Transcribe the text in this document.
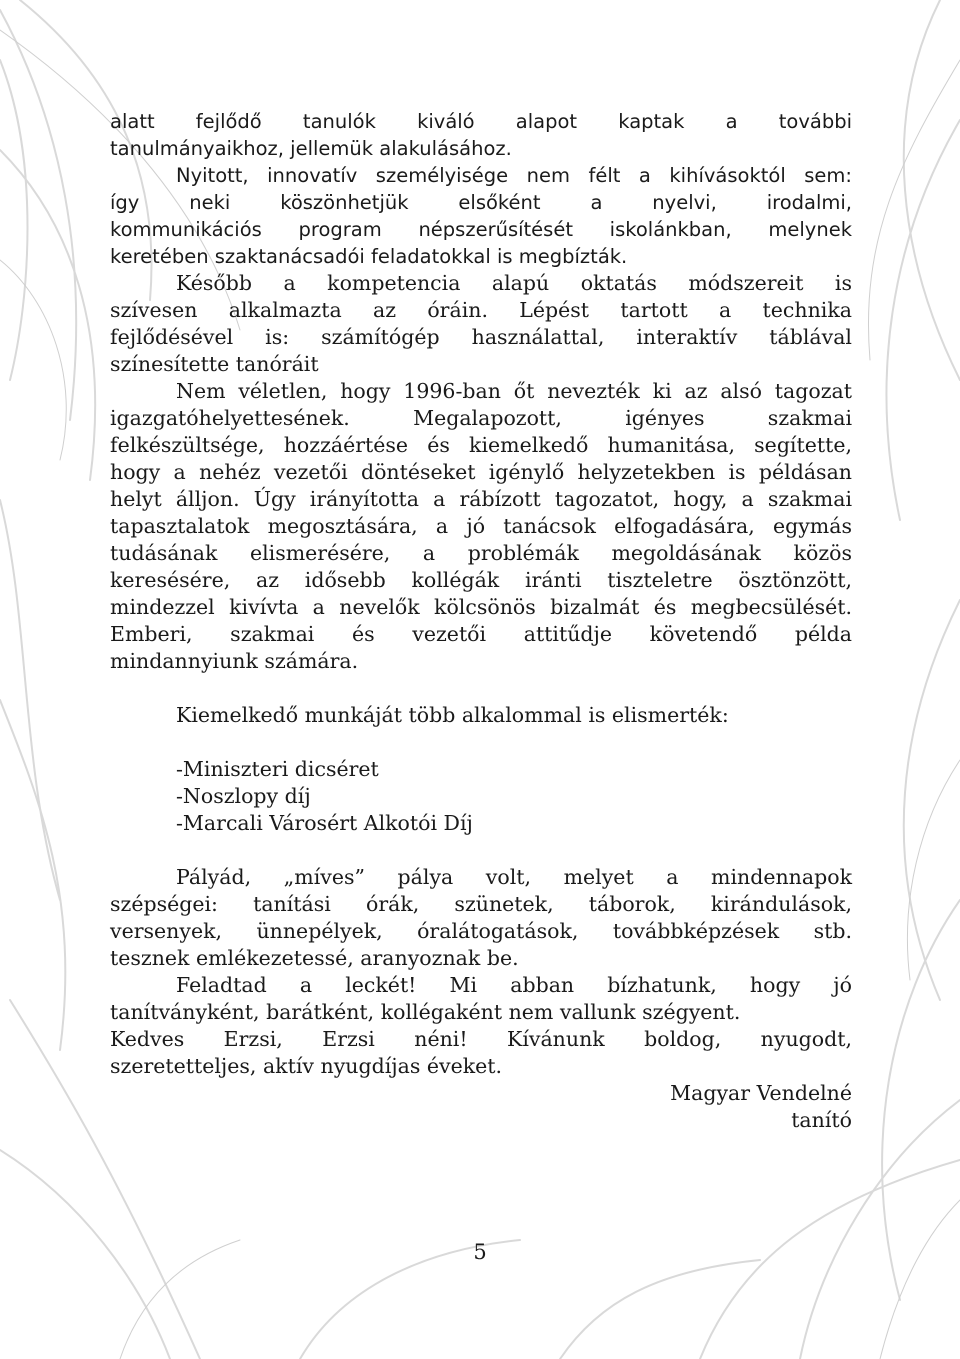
alatt fejlődő tanulók kiváló alapot kaptak a további

tanulmányaikhoz, jellemük alakulásához.

Nyitott, innovatív személyisége nem félt a kihívásoktól sem:

így neki köszönhetjük elsőként a nyelvi, irodalmi,

kommunikációs program népszerűsítését iskolánkban, melynek

keretében szaktanácsadói feladatokkal is megbízták.

Később a kompetencia alapú oktatás módszereit is

szívesen alkalmazta az óráin. Lépést tartott a technika

fejlődésével is: számítógép használattal, interaktív táblával

színesítette tanóráit

Nem véletlen, hogy 1996-ban őt nevezték ki az alsó tagozat

igazgatóhelyettesének. Megalapozott, igényes szakmai

felkészültsége, hozzáértése és kiemelkedő humanitása, segítette,

hogy a nehéz vezetői döntéseket igénylő helyzetekben is példásan

helyt álljon. Úgy irányította a rábízott tagozatot, hogy, a szakmai

tapasztalatok megosztására, a jó tanácsok elfogadására, egymás

tudásának elismerésére, a problémák megoldásának közös

keresésére, az idősebb kollégák iránti tiszteletre ösztönzött,

mindezzel kivívta a nevelők kölcsönös bizalmát és megbecsülését.

Emberi, szakmai és vezetői attitűdje követendő példa

mindannyiunk számára.

Kiemelkedő munkáját több alkalommal is elismerték:

-Miniszteri dicséret

-Noszlopy díj

-Marcali Városért Alkotói Díj

Pályád, „míves” pálya volt, melyet a mindennapok

szépségei: tanítási órák, szünetek, táborok, kirándulások,

versenyek, ünnepélyek, óralátogatások, továbbképzések stb.

tesznek emlékezetessé, aranyoznak be.

Feladtad a leckét! Mi abban bízhatunk, hogy jó

tanítványként, barátként, kollégaként nem vallunk szégyent.

Kedves Erzsi, Erzsi néni! Kívánunk boldog, nyugodt,

szeretetteljes, aktív nyugdíjas éveket.

Magyar Vendelné

tanító

5
